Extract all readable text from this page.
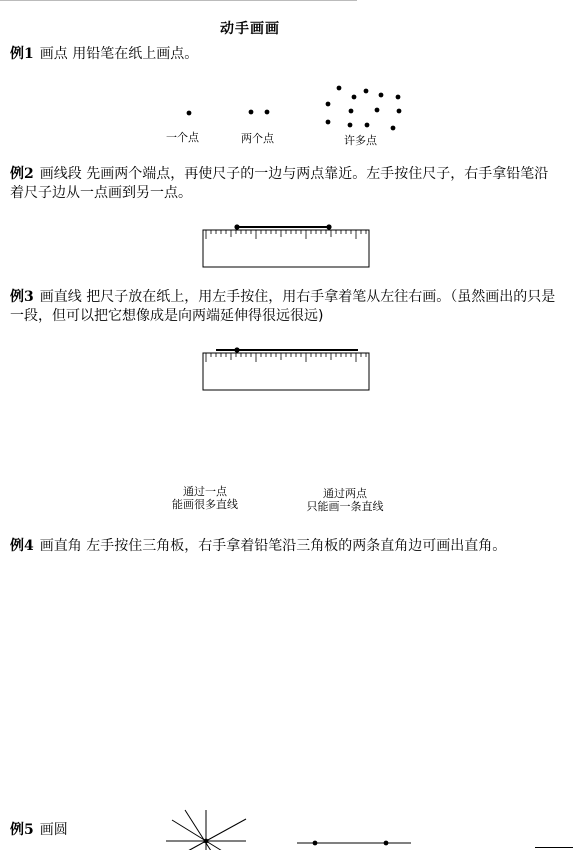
动手画画
例1 画点 用铅笔在纸上画点。
一个点	两个点	许多点
例2 画线段 先画两个端点，再使尺子的一边与两点靠近。左手按住尺子，右手拿铅笔沿着尺子边从一点画到另一点。
例3 画直线 把尺子放在纸上，用左手按住，用右手拿着笔从左往右画。（虽然画出的只是一段，但可以把它想像成是向两端延伸得很远很远)
通过一点
能画很多直线
通过两点
只能画一条直线
例4 画直角 左手按住三角板，右手拿着铅笔沿三角板的两条直角边可画出直角。
例5 画圆
